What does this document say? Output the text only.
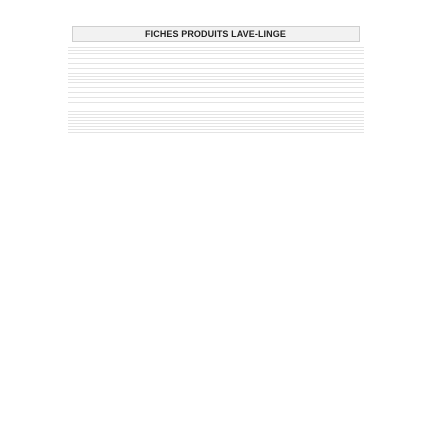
FICHES PRODUITS LAVE-LINGE
